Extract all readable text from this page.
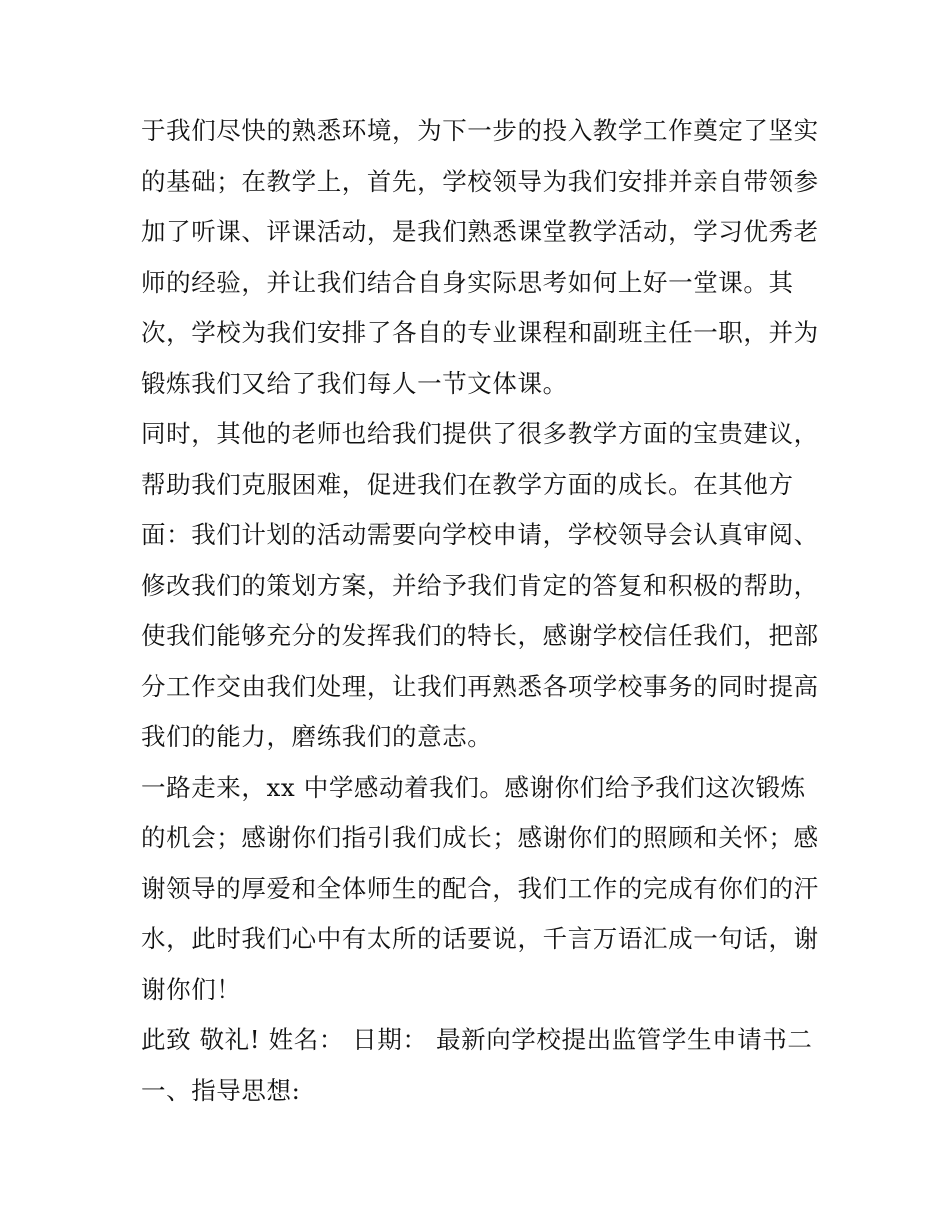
于我们尽快的熟悉环境，为下一步的投入教学工作奠定了坚实
的基础；在教学上，首先，学校领导为我们安排并亲自带领参
加了听课、评课活动，是我们熟悉课堂教学活动，学习优秀老
师的经验，并让我们结合自身实际思考如何上好一堂课。其
次，学校为我们安排了各自的专业课程和副班主任一职，并为
锻炼我们又给了我们每人一节文体课。
同时，其他的老师也给我们提供了很多教学方面的宝贵建议，
帮助我们克服困难，促进我们在教学方面的成长。在其他方
面：我们计划的活动需要向学校申请，学校领导会认真审阅、
修改我们的策划方案，并给予我们肯定的答复和积极的帮助，
使我们能够充分的发挥我们的特长，感谢学校信任我们，把部
分工作交由我们处理，让我们再熟悉各项学校事务的同时提高
我们的能力，磨练我们的意志。
一路走来，xx 中学感动着我们。感谢你们给予我们这次锻炼
的机会；感谢你们指引我们成长；感谢你们的照顾和关怀；感
谢领导的厚爱和全体师生的配合，我们工作的完成有你们的汗
水，此时我们心中有太所的话要说，千言万语汇成一句话，谢
谢你们！
此致 敬礼! 姓名： 日期： 最新向学校提出监管学生申请书二
一、指导思想:
